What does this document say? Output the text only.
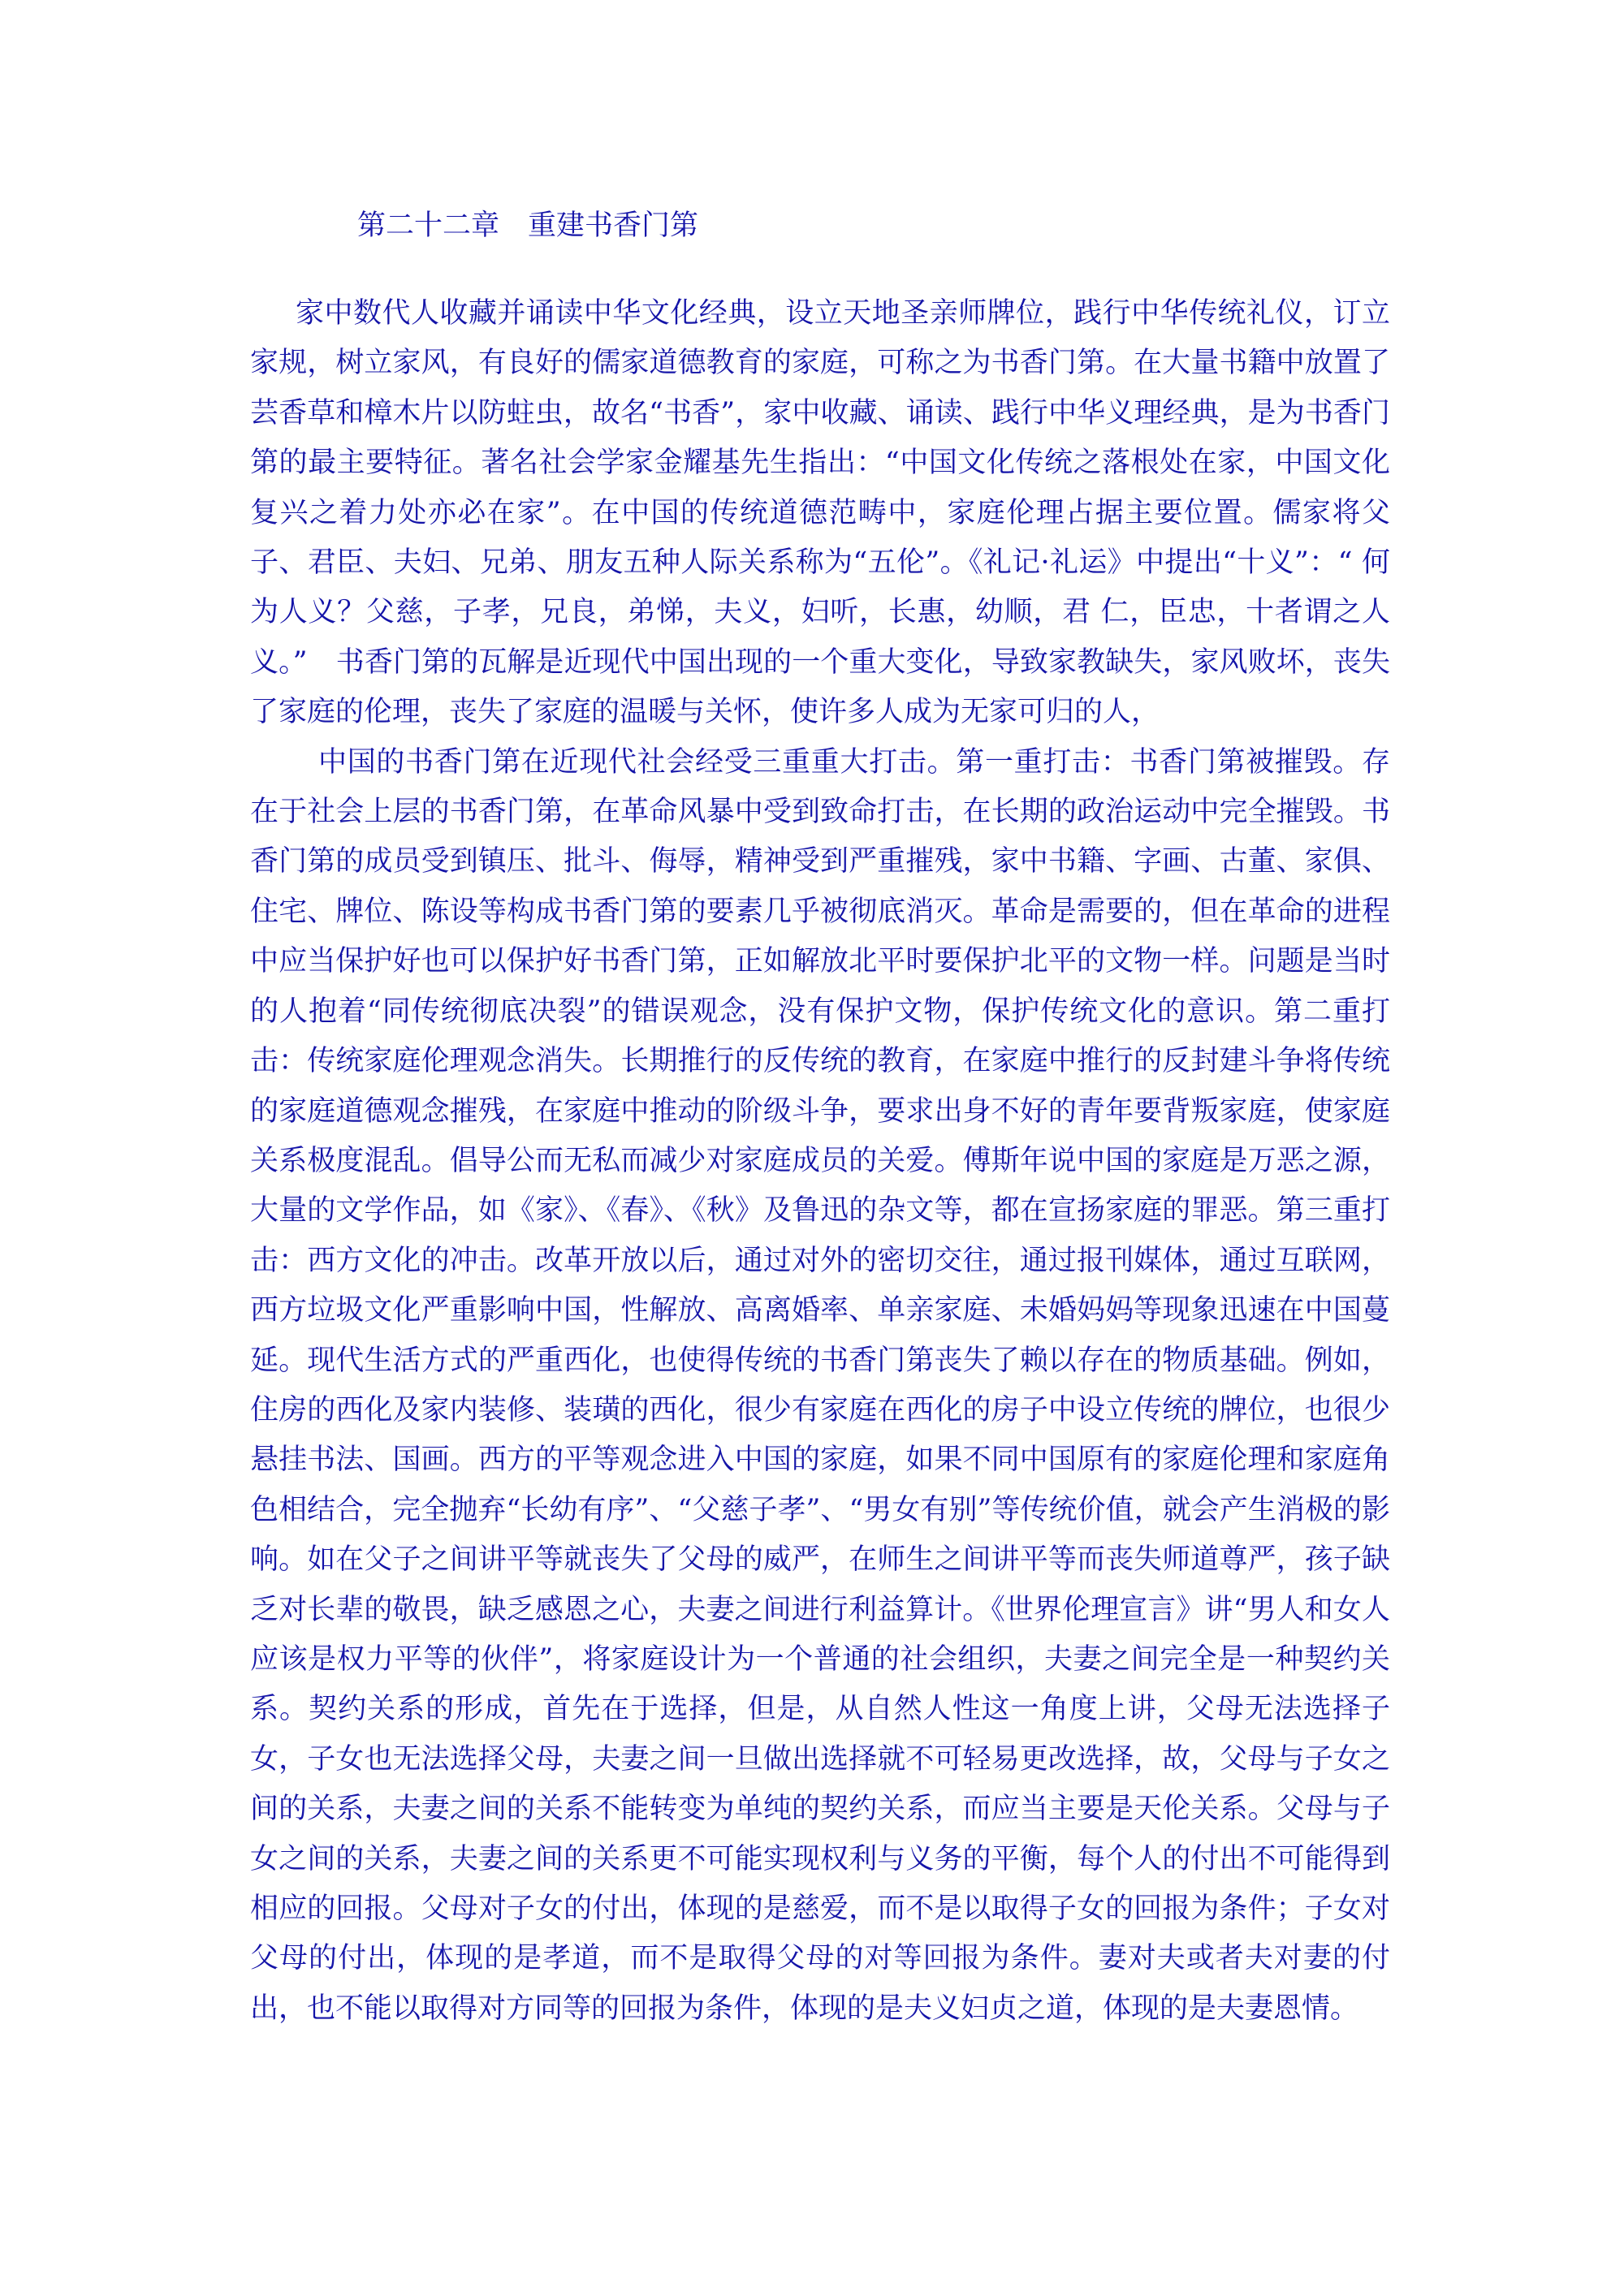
第二十二章　重建书香门第

家中数代人收藏并诵读中华文化经典，设立天地圣亲师牌位，践行中华传统礼仪，订立家规，树立家风，有良好的儒家道德教育的家庭，可称之为书香门第。在大量书籍中放置了芸香草和樟木片以防蛀虫，故名“书香”，家中收藏、诵读、践行中华义理经典，是为书香门第的最主要特征。著名社会学家金耀基先生指出：“中国文化传统之落根处在家，中国文化复兴之着力处亦必在家”。在中国的传统道德范畴中，家庭伦理占据主要位置。儒家将父子、君臣、夫妇、兄弟、朋友五种人际关系称为“五伦”。《礼记·礼运》中提出“十义”：“ 何为人义？父慈，子孝，兄良，弟悌，夫义，妇听，长惠，幼顺，君 仁，臣忠，十者谓之人义。”　书香门第的瓦解是近现代中国出现的一个重大变化，导致家教缺失，家风败坏，丧失了家庭的伦理，丧失了家庭的温暖与关怀，使许多人成为无家可归的人，

中国的书香门第在近现代社会经受三重重大打击。第一重打击：书香门第被摧毁。存在于社会上层的书香门第，在革命风暴中受到致命打击，在长期的政治运动中完全摧毁。书香门第的成员受到镇压、批斗、侮辱，精神受到严重摧残，家中书籍、字画、古董、家俱、住宅、牌位、陈设等构成书香门第的要素几乎被彻底消灭。革命是需要的，但在革命的进程中应当保护好也可以保护好书香门第，正如解放北平时要保护北平的文物一样。问题是当时的人抱着“同传统彻底决裂”的错误观念，没有保护文物，保护传统文化的意识。第二重打击：传统家庭伦理观念消失。长期推行的反传统的教育，在家庭中推行的反封建斗争将传统的家庭道德观念摧残，在家庭中推动的阶级斗争，要求出身不好的青年要背叛家庭，使家庭关系极度混乱。倡导公而无私而减少对家庭成员的关爱。傅斯年说中国的家庭是万恶之源，大量的文学作品，如《家》、《春》、《秋》及鲁迅的杂文等，都在宣扬家庭的罪恶。第三重打击：西方文化的冲击。改革开放以后，通过对外的密切交往，通过报刊媒体，通过互联网，西方垃圾文化严重影响中国，性解放、高离婚率、单亲家庭、未婚妈妈等现象迅速在中国蔓延。现代生活方式的严重西化，也使得传统的书香门第丧失了赖以存在的物质基础。例如，住房的西化及家内装修、装璜的西化，很少有家庭在西化的房子中设立传统的牌位，也很少悬挂书法、国画。西方的平等观念进入中国的家庭，如果不同中国原有的家庭伦理和家庭角色相结合，完全抛弃“长幼有序”、“父慈子孝”、“男女有别”等传统价值，就会产生消极的影响。如在父子之间讲平等就丧失了父母的威严，在师生之间讲平等而丧失师道尊严，孩子缺乏对长辈的敬畏，缺乏感恩之心，夫妻之间进行利益算计。《世界伦理宣言》讲“男人和女人应该是权力平等的伙伴”，将家庭设计为一个普通的社会组织，夫妻之间完全是一种契约关系。契约关系的形成，首先在于选择，但是，从自然人性这一角度上讲，父母无法选择子女，子女也无法选择父母，夫妻之间一旦做出选择就不可轻易更改选择，故，父母与子女之间的关系，夫妻之间的关系不能转变为单纯的契约关系，而应当主要是天伦关系。父母与子女之间的关系，夫妻之间的关系更不可能实现权利与义务的平衡，每个人的付出不可能得到相应的回报。父母对子女的付出，体现的是慈爱，而不是以取得子女的回报为条件；子女对父母的付出，体现的是孝道，而不是取得父母的对等回报为条件。妻对夫或者夫对妻的付出，也不能以取得对方同等的回报为条件，体现的是夫义妇贞之道，体现的是夫妻恩情。
